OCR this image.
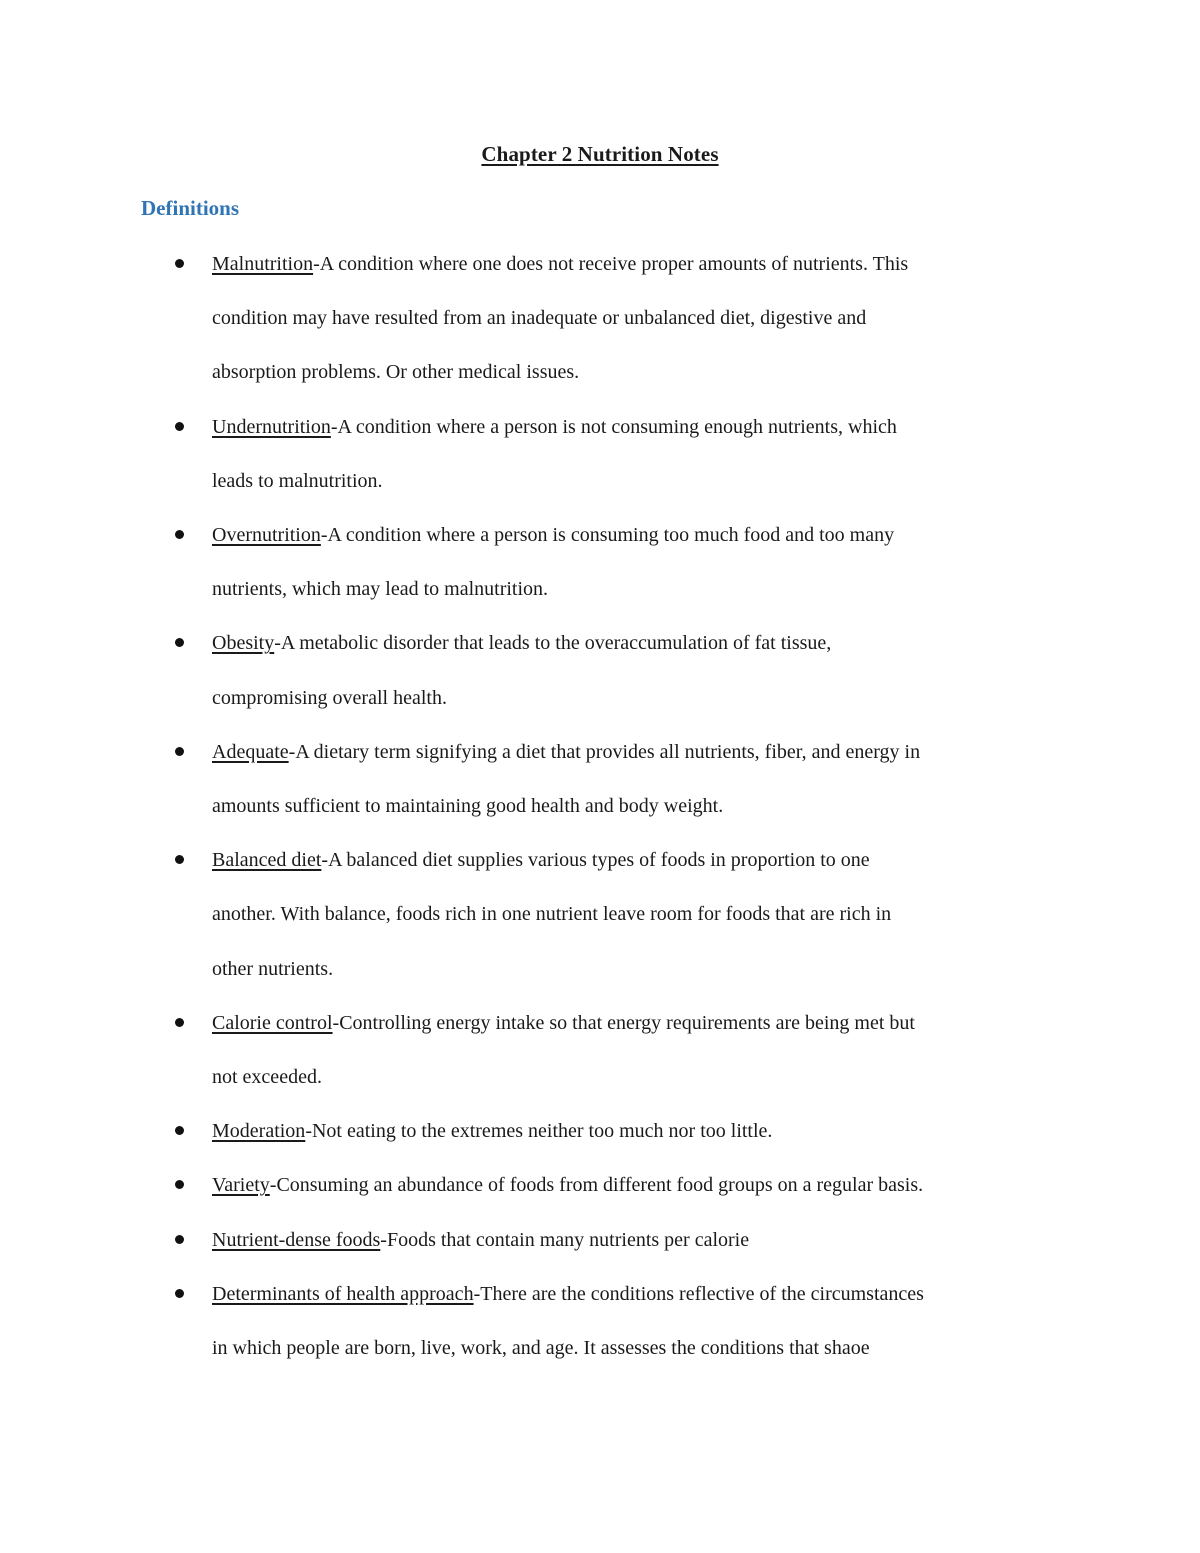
Chapter 2 Nutrition Notes
Definitions

Malnutrition-A condition where one does not receive proper amounts of nutrients. This
condition may have resulted from an inadequate or unbalanced diet, digestive and
absorption problems. Or other medical issues.

Undernutrition-A condition where a person is not consuming enough nutrients, which
leads to malnutrition.

Overnutrition-A condition where a person is consuming too much food and too many
nutrients, which may lead to malnutrition.

Obesity-A metabolic disorder that leads to the overaccumulation of fat tissue,
compromising overall health.

Adequate-A dietary term signifying a diet that provides all nutrients, fiber, and energy in
amounts sufficient to maintaining good health and body weight.

Balanced diet-A balanced diet supplies various types of foods in proportion to one
another. With balance, foods rich in one nutrient leave room for foods that are rich in
other nutrients.

Calorie control-Controlling energy intake so that energy requirements are being met but
not exceeded.

Moderation-Not eating to the extremes neither too much nor too little.

Variety-Consuming an abundance of foods from different food groups on a regular basis.

Nutrient-dense foods-Foods that contain many nutrients per calorie

Determinants of health approach-There are the conditions reflective of the circumstances
in which people are born, live, work, and age. It assesses the conditions that shaoe
